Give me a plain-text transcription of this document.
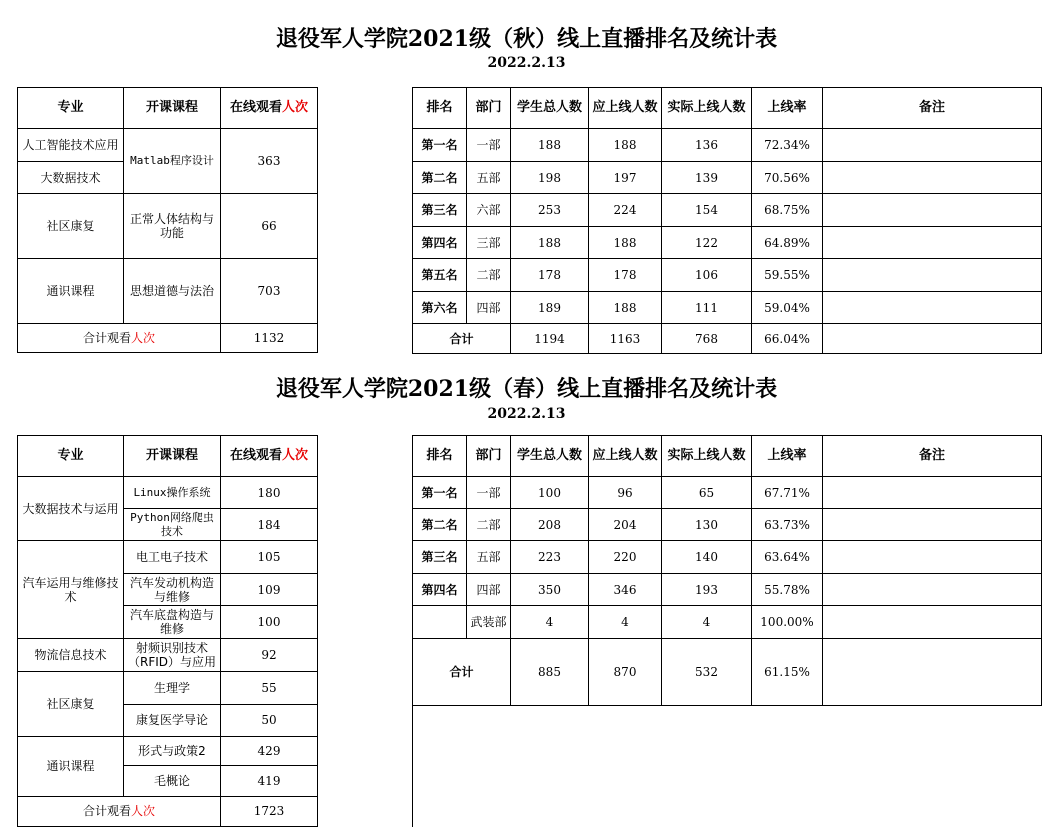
退役军人学院2021级（秋）线上直播排名及统计表
2022.2.13
专业	开课课程	在线观看人次	
人工智能技术应用	Matlab程序设计	363	
大数据技术			
社区康复	正常人体结构与功能	66	
通识课程	思想道德与法治	703	
合计观看人次		1132	
排名	部门	学生总人数	应上线人数	实际上线人数	上线率	备注
第一名	一部	188	188	136	72.34%	
第二名	五部	198	197	139	70.56%	
第三名	六部	253	224	154	68.75%	
第四名	三部	188	188	122	64.89%	
第五名	二部	178	178	106	59.55%	
第六名	四部	189	188	111	59.04%	
合计		1194	1163	768	66.04%	
退役军人学院2021级（春）线上直播排名及统计表
2022.2.13
专业	开课课程	在线观看人次	
大数据技术与运用	Linux操作系统	180	
	Python网络爬虫技术	184	
汽车运用与维修技术	电工电子技术	105	
	汽车发动机构造与维修	109	
	汽车底盘构造与维修	100	
物流信息技术	射频识别技术（RFID）与应用	92	
社区康复	生理学	55	
	康复医学导论	50	
通识课程	形式与政策2	429	
	毛概论	419	
合计观看人次		1723	
排名	部门	学生总人数	应上线人数	实际上线人数	上线率	备注
第一名	一部	100	96	65	67.71%	
第二名	二部	208	204	130	63.73%	
第三名	五部	223	220	140	63.64%	
第四名	四部	350	346	193	55.78%	
	武装部	4	4	4	100.00%	
合计		885	870	532	61.15%	
